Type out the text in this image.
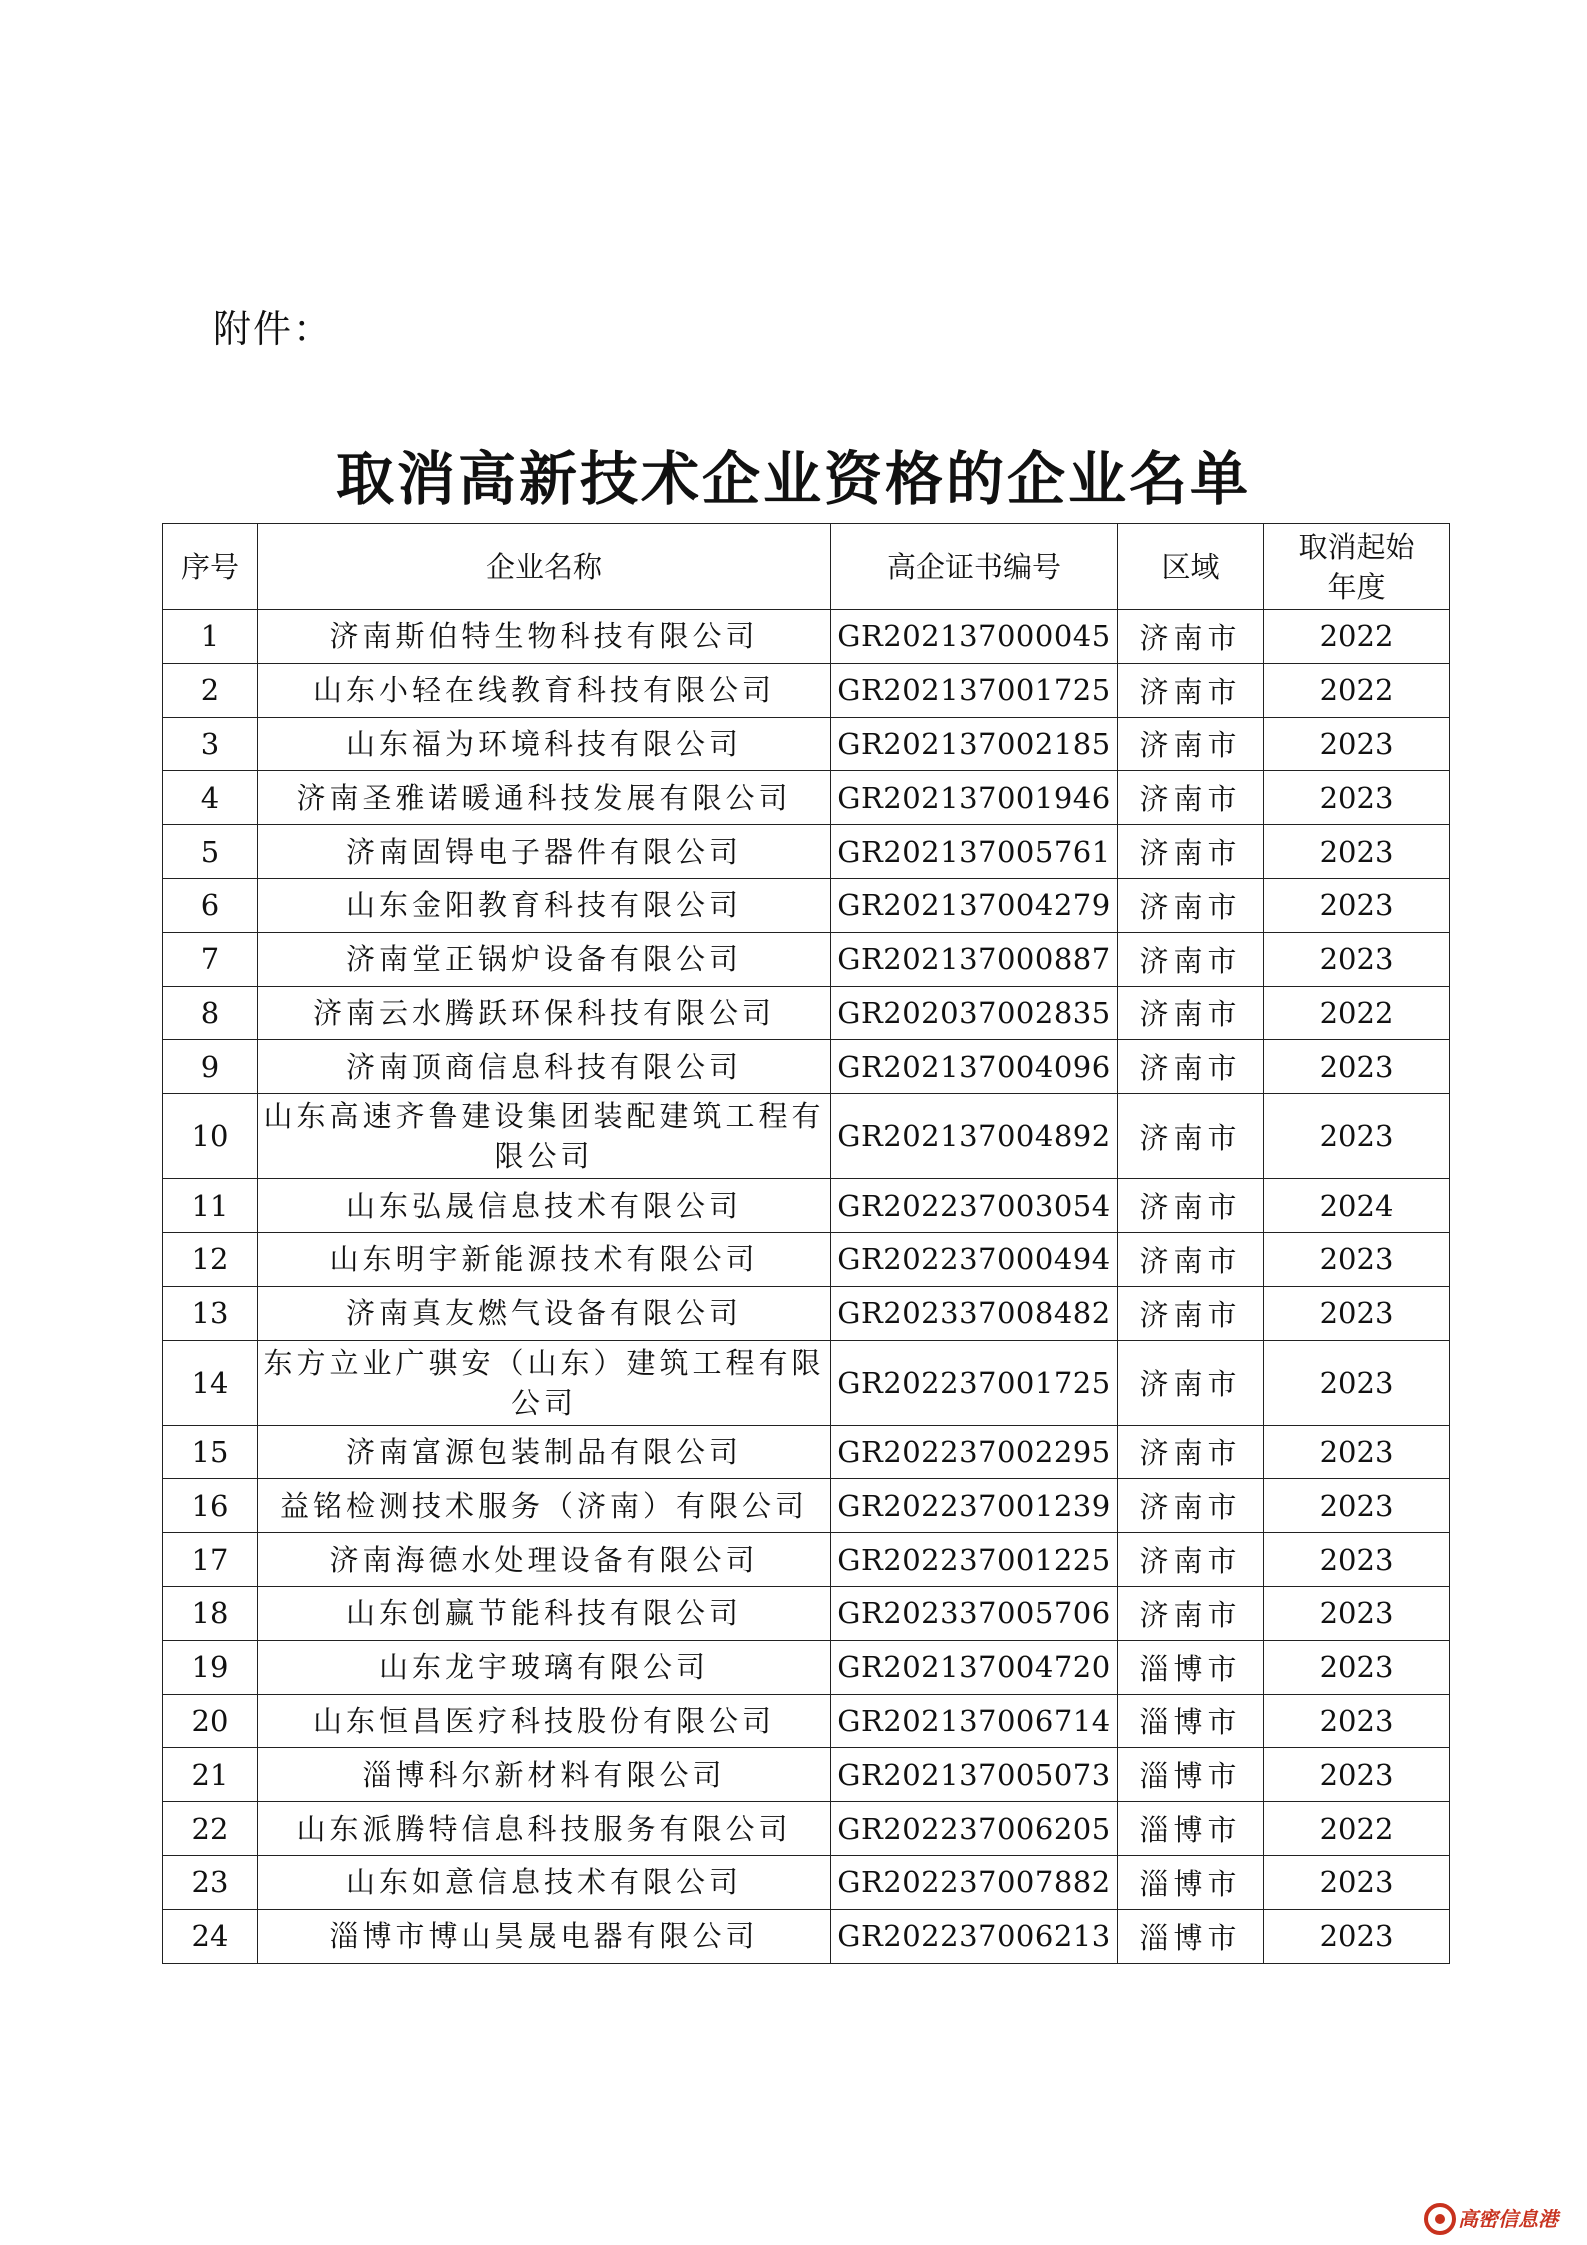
附件：
取消高新技术企业资格的企业名单
序号	企业名称	高企证书编号	区域	取消起始年度
1	济南斯伯特生物科技有限公司	GR202137000045	济南市	2022
2	山东小轻在线教育科技有限公司	GR202137001725	济南市	2022
3	山东福为环境科技有限公司	GR202137002185	济南市	2023
4	济南圣雅诺暖通科技发展有限公司	GR202137001946	济南市	2023
5	济南固锝电子器件有限公司	GR202137005761	济南市	2023
6	山东金阳教育科技有限公司	GR202137004279	济南市	2023
7	济南堂正锅炉设备有限公司	GR202137000887	济南市	2023
8	济南云水腾跃环保科技有限公司	GR202037002835	济南市	2022
9	济南顶商信息科技有限公司	GR202137004096	济南市	2023
10	山东高速齐鲁建设集团装配建筑工程有限公司	GR202137004892	济南市	2023
11	山东弘晟信息技术有限公司	GR202237003054	济南市	2024
12	山东明宇新能源技术有限公司	GR202237000494	济南市	2023
13	济南真友燃气设备有限公司	GR202337008482	济南市	2023
14	东方立业广骐安（山东）建筑工程有限公司	GR202237001725	济南市	2023
15	济南富源包装制品有限公司	GR202237002295	济南市	2023
16	益铭检测技术服务（济南）有限公司	GR202237001239	济南市	2023
17	济南海德水处理设备有限公司	GR202237001225	济南市	2023
18	山东创赢节能科技有限公司	GR202337005706	济南市	2023
19	山东龙宇玻璃有限公司	GR202137004720	淄博市	2023
20	山东恒昌医疗科技股份有限公司	GR202137006714	淄博市	2023
21	淄博科尔新材料有限公司	GR202137005073	淄博市	2023
22	山东派腾特信息科技服务有限公司	GR202237006205	淄博市	2022
23	山东如意信息技术有限公司	GR202237007882	淄博市	2023
24	淄博市博山昊晟电器有限公司	GR202237006213	淄博市	2023
高密信息港
